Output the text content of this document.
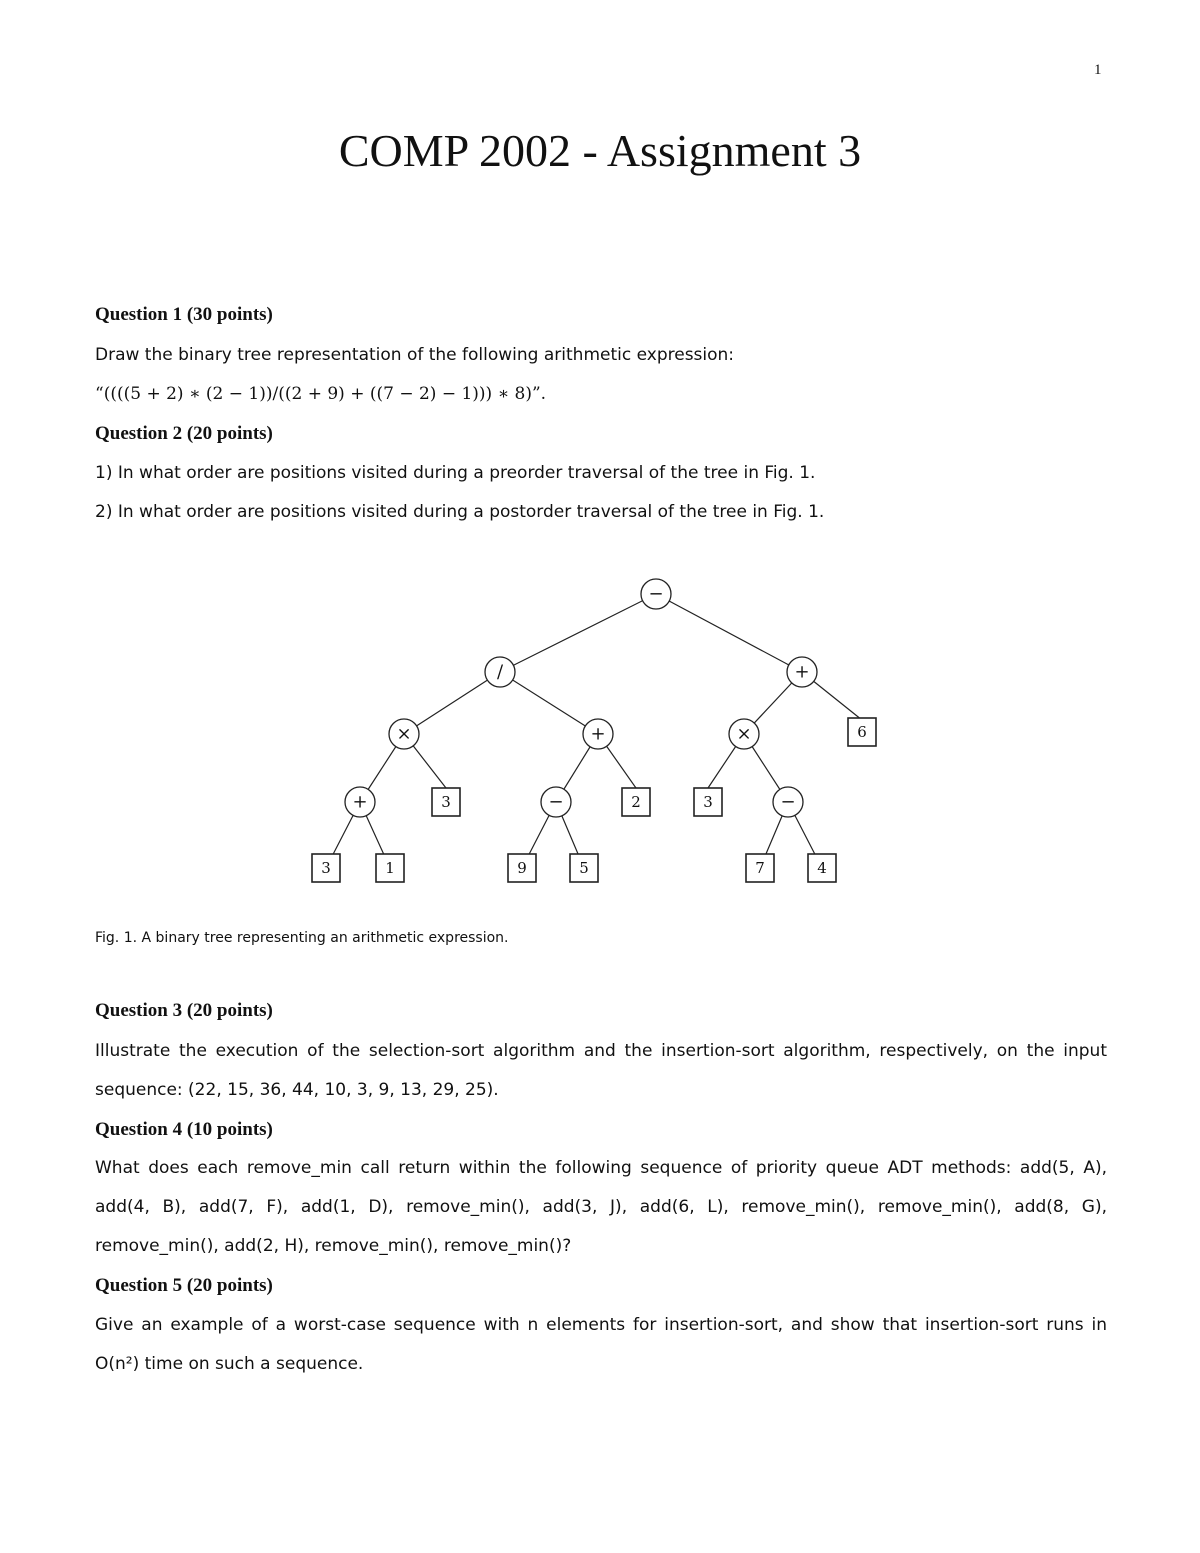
1
COMP 2002 - Assignment 3
Question 1 (30 points)

Draw the binary tree representation of the following arithmetic expression:

“((((5 + 2) ∗ (2 − 1))/((2 + 9) + ((7 − 2) − 1))) ∗ 8)”.

Question 2 (20 points)

1) In what order are positions visited during a preorder traversal of the tree in Fig. 1.

2) In what order are positions visited during a postorder traversal of the tree in Fig. 1.

−
/	+
×	+	×	6
+	3	−	2	3	−
3	1	9	5	7	4
Fig. 1. A binary tree representing an arithmetic expression.
Question 3 (20 points)

Illustrate the execution of the selection-sort algorithm and the insertion-sort algorithm, respectively, on the input sequence: (22, 15, 36, 44, 10, 3, 9, 13, 29, 25).

Question 4 (10 points)

What does each remove_min call return within the following sequence of priority queue ADT methods: add(5, A), add(4, B), add(7, F), add(1, D), remove_min(), add(3, J), add(6, L), remove_min(), remove_min(), add(8, G), remove_min(), add(2, H), remove_min(), remove_min()?

Question 5 (20 points)

Give an example of a worst-case sequence with n elements for insertion-sort, and show that insertion-sort runs in O(n²) time on such a sequence.
